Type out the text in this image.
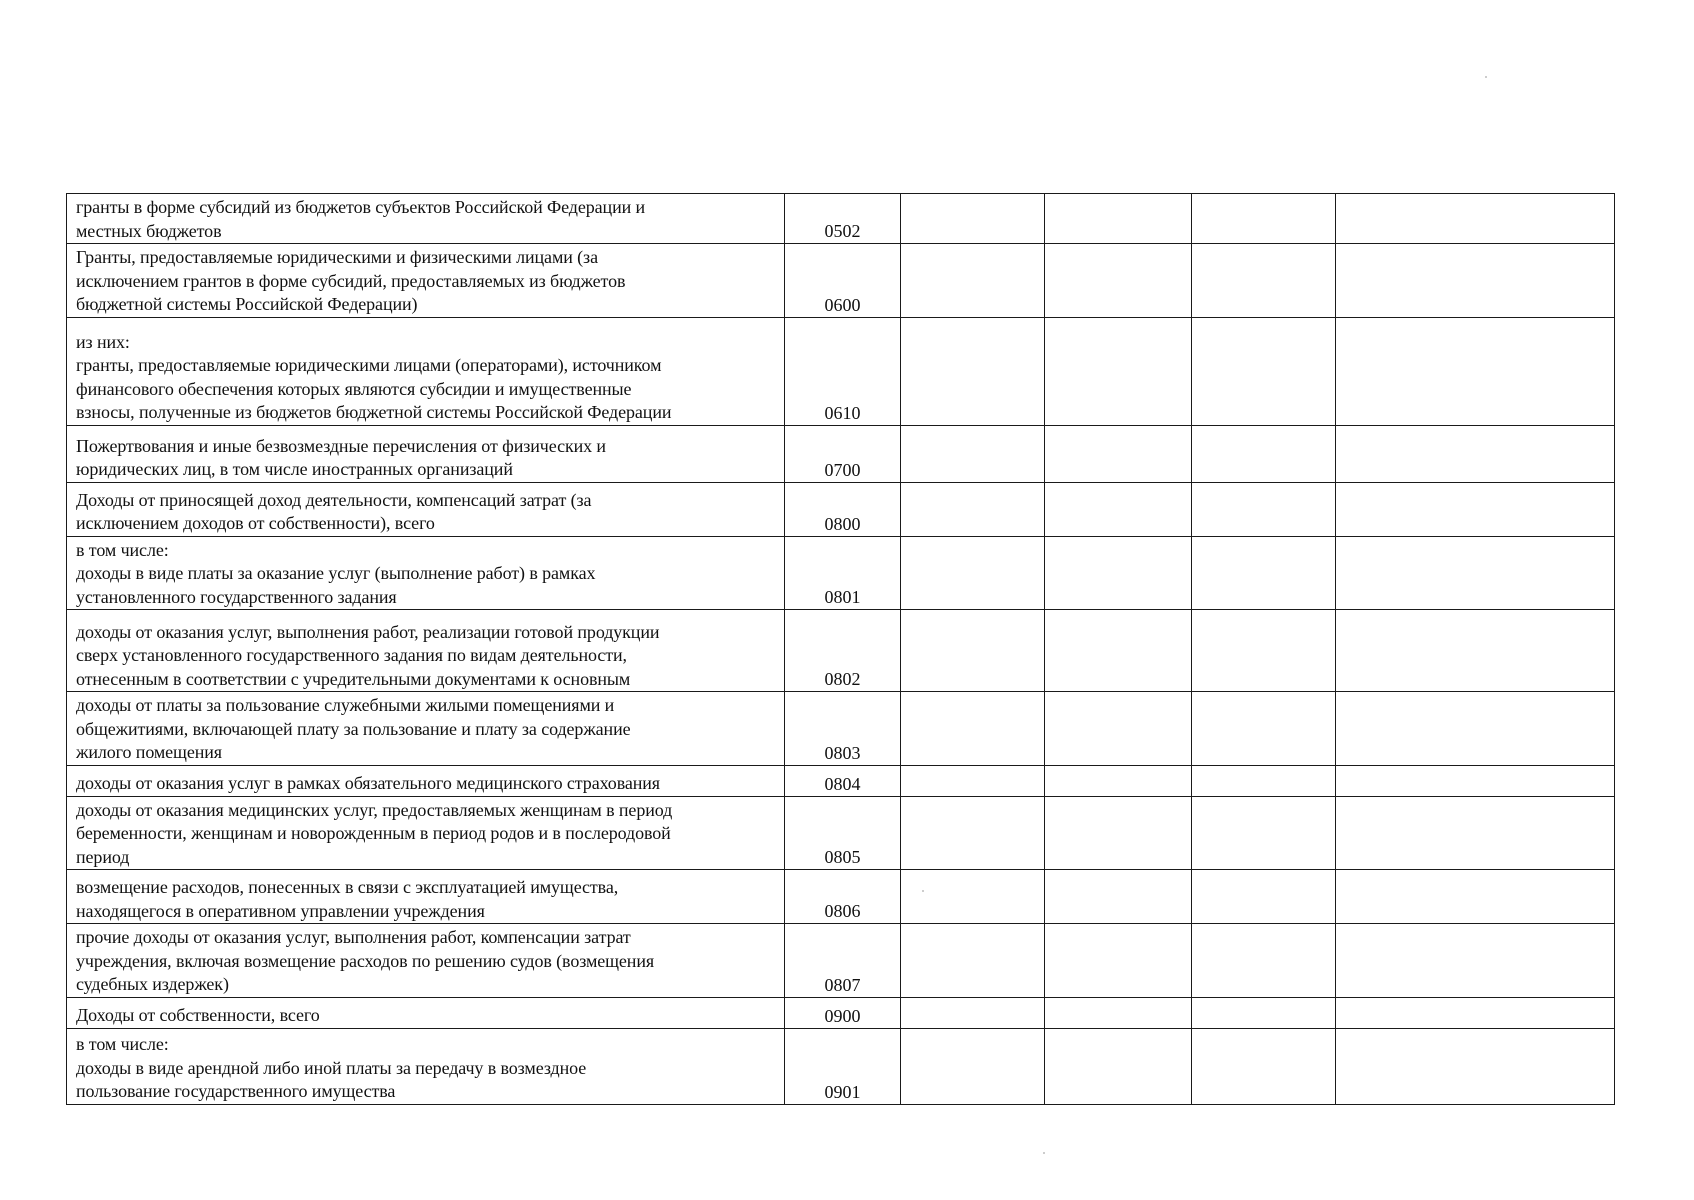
гранты в форме субсидий из бюджетов субъектов Российской Федерации и
местных бюджетов	0502				

Гранты, предоставляемые юридическими и физическими лицами (за
исключением грантов в форме субсидий, предоставляемых из бюджетов
бюджетной системы Российской Федерации)	0600				

из них:
гранты, предоставляемые юридическими лицами (операторами), источником
финансового обеспечения которых являются субсидии и имущественные
взносы, полученные из бюджетов бюджетной системы Российской Федерации	0610				

Пожертвования и иные безвозмездные перечисления от физических и
юридических лиц, в том числе иностранных организаций	0700				

Доходы от приносящей доход деятельности, компенсаций затрат (за
исключением доходов от собственности), всего	0800				

в том числе:
доходы в виде платы за оказание услуг (выполнение работ) в рамках
установленного государственного задания	0801				

доходы от оказания услуг, выполнения работ, реализации готовой продукции
сверх установленного государственного задания по видам деятельности,
отнесенным в соответствии с учредительными документами к основным	0802				

доходы от платы за пользование служебными жилыми помещениями и
общежитиями, включающей плату за пользование и плату за содержание
жилого помещения	0803				

доходы от оказания услуг в рамках обязательного медицинского страхования	0804				

доходы от оказания медицинских услуг, предоставляемых женщинам в период
беременности, женщинам и новорожденным в период родов и в послеродовой
период	0805				

возмещение расходов, понесенных в связи с эксплуатацией имущества,
находящегося в оперативном управлении учреждения	0806				

прочие доходы от оказания услуг, выполнения работ, компенсации затрат
учреждения, включая возмещение расходов по решению судов (возмещения
судебных издержек)	0807				

Доходы от собственности, всего	0900				

в том числе:
доходы в виде арендной либо иной платы за передачу в возмездное
пользование государственного имущества	0901				
